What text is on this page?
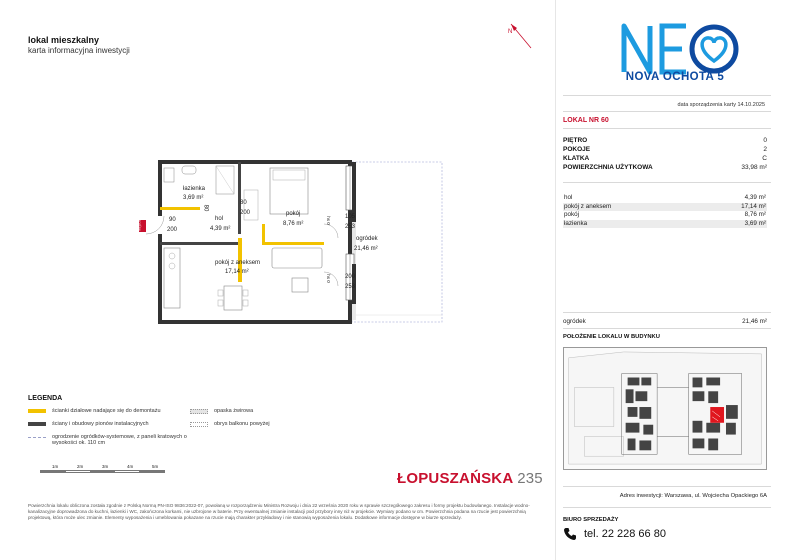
lokal mieszkalny
karta informacyjna inwestycji
N
NOVA OCHOTA 5
data sporządzenia karty 14.10.2025
LOKAL NR 60
PIĘTRO	0
POKOJE	2
KLATKA	C
POWIERZCHNIA UŻYTKOWA	33,98 m²
hol	4,39 m²
pokój z aneksem	17,14 m²
pokój	8,76 m²
łazienka	3,69 m²
ogródek	21,46 m²
POŁOŻENIE LOKALU W BUDYNKU
Adres inwestycji: Warszawa, ul. Wojciecha Opackiego 6A
BIURO SPRZEDAŻY
tel. 22 228 66 80
łazienka
3,69 m²
hol
4,39 m²
pokój
8,76 m²
pokój z aneksem
17,14 m²
ogródek
21,46 m²
90
200
80
200
80
105
253
200
253
hs 0
hs 0
wejście
LEGENDA
ścianki działowe nadające się do demontażu
ściany i obudowy pionów instalacyjnych
ogrodzenie ogródków-systemowe, z paneli kratowych o wysokości ok. 110 cm
opaska żwirowa
obrys balkonu powyżej
1m	2m	3m	4m	5m
ŁOPUSZAŃSKA 235
Powierzchnia lokalu obliczona została zgodnie z Polską Normą PN-ISO 9836:2022-07, powołaną w rozporządzeniu Ministra Rozwoju i dnia 22 września 2020 roku w sprawie szczegółowego zakresu i formy projektu budowlanego. Instalacje wodno-kanalizacyjne doprowadzona do kuchni, łazienki i WC, zakończona korkami, nie uzbrojone w baterie. Przy ewentualnej zmianie instalacji pod przybory inny niż w projekcie. Wymiary podano w cm. Powierzchnia podana na rzucie jest powierzchnią projektową, która może ulec zmianie. Elementy wyposażenia i umeblowania pokazane na rzucie mają charakter przykładowy i nie stanowią wyposażenia lokalu. Dodatkowe informacje dostępne w biurze sprzedaży.
